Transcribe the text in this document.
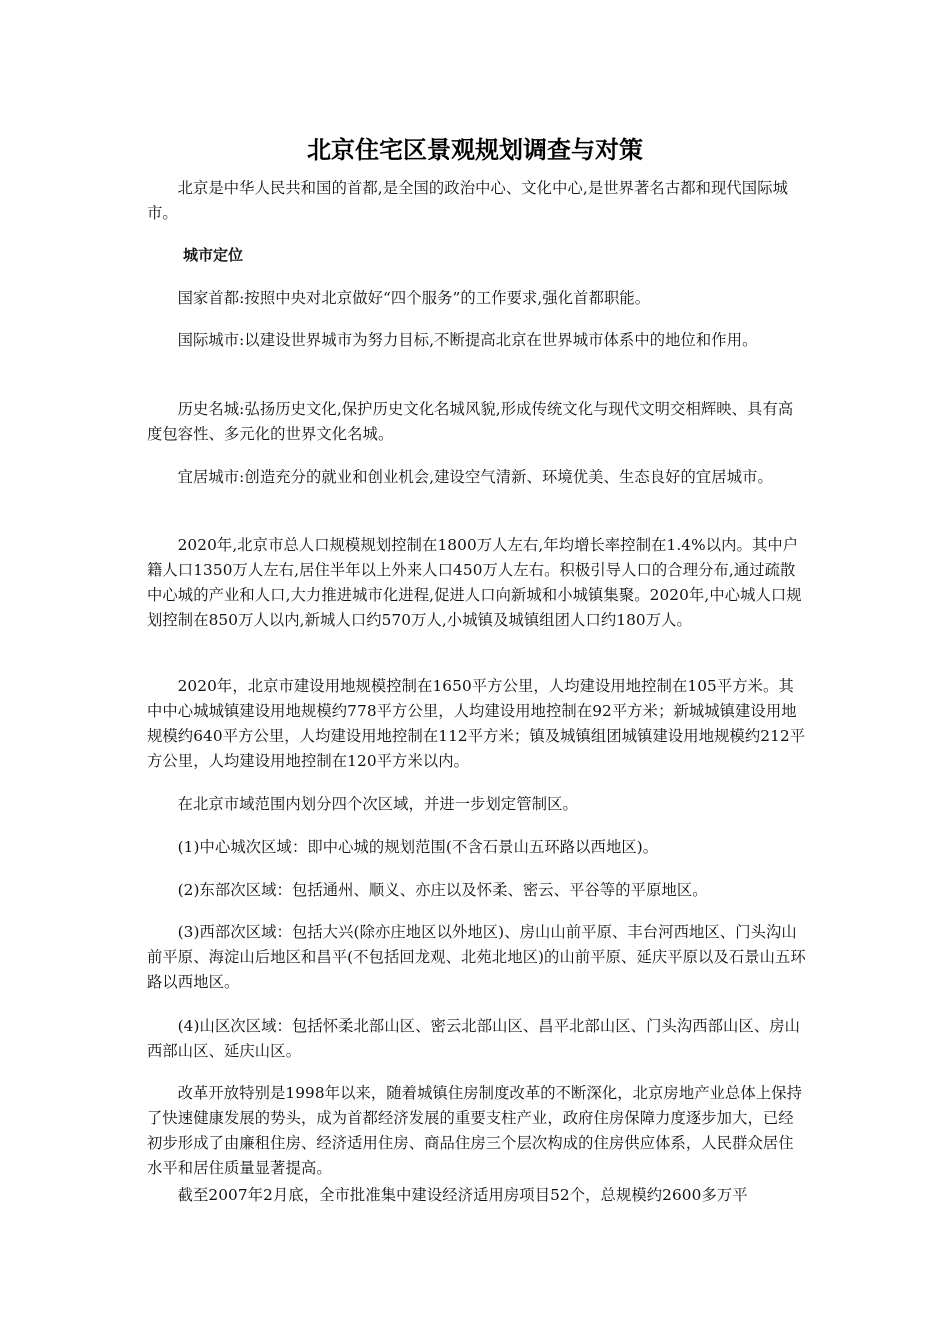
北京住宅区景观规划调查与对策
北京是中华人民共和国的首都,是全国的政治中心、文化中心,是世界著名古都和现代国际城市。
城市定位
国家首都:按照中央对北京做好“四个服务”的工作要求,强化首都职能。
国际城市:以建设世界城市为努力目标,不断提高北京在世界城市体系中的地位和作用。
历史名城:弘扬历史文化,保护历史文化名城风貌,形成传统文化与现代文明交相辉映、具有高度包容性、多元化的世界文化名城。
宜居城市:创造充分的就业和创业机会,建设空气清新、环境优美、生态良好的宜居城市。
2020年,北京市总人口规模规划控制在1800万人左右,年均增长率控制在1.4%以内。其中户籍人口1350万人左右,居住半年以上外来人口450万人左右。积极引导人口的合理分布,通过疏散中心城的产业和人口,大力推进城市化进程,促进人口向新城和小城镇集聚。2020年,中心城人口规划控制在850万人以内,新城人口约570万人,小城镇及城镇组团人口约180万人。
2020年，北京市建设用地规模控制在1650平方公里，人均建设用地控制在105平方米。其中中心城城镇建设用地规模约778平方公里，人均建设用地控制在92平方米；新城城镇建设用地规模约640平方公里，人均建设用地控制在112平方米；镇及城镇组团城镇建设用地规模约212平方公里，人均建设用地控制在120平方米以内。
在北京市域范围内划分四个次区域，并进一步划定管制区。
(1)中心城次区域：即中心城的规划范围(不含石景山五环路以西地区)。
(2)东部次区域：包括通州、顺义、亦庄以及怀柔、密云、平谷等的平原地区。
(3)西部次区域：包括大兴(除亦庄地区以外地区)、房山山前平原、丰台河西地区、门头沟山前平原、海淀山后地区和昌平(不包括回龙观、北苑北地区)的山前平原、延庆平原以及石景山五环路以西地区。
(4)山区次区域：包括怀柔北部山区、密云北部山区、昌平北部山区、门头沟西部山区、房山西部山区、延庆山区。
改革开放特别是1998年以来，随着城镇住房制度改革的不断深化，北京房地产业总体上保持了快速健康发展的势头，成为首都经济发展的重要支柱产业，政府住房保障力度逐步加大，已经初步形成了由廉租住房、经济适用住房、商品住房三个层次构成的住房供应体系，人民群众居住水平和居住质量显著提高。
截至2007年2月底，全市批准集中建设经济适用房项目52个，总规模约2600多万平
